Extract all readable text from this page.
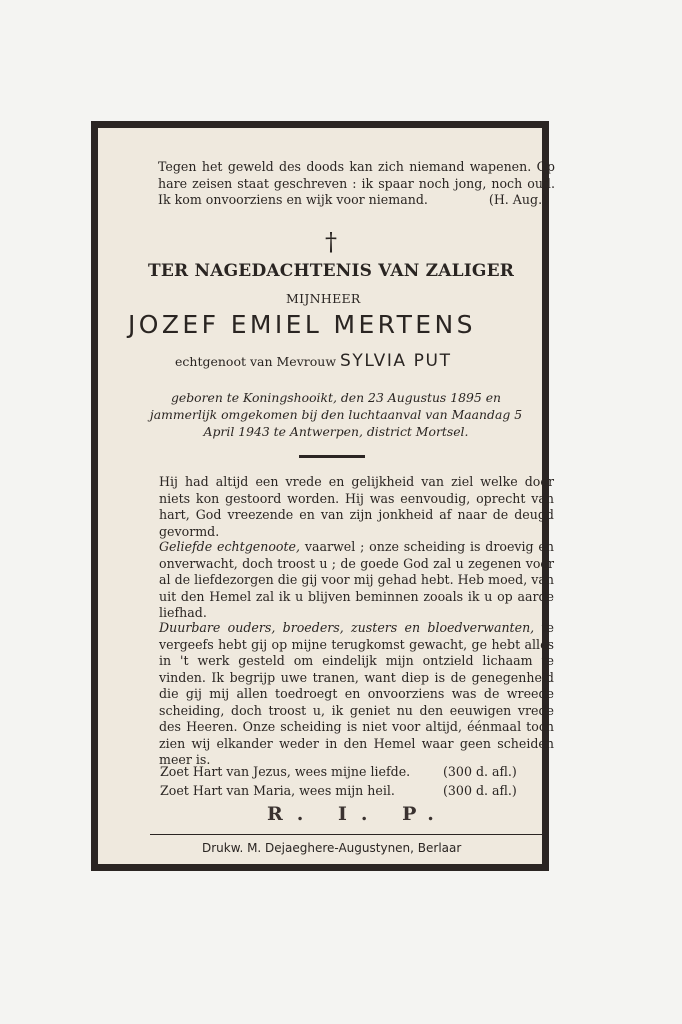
Tegen het geweld des doods kan zich niemand wapenen. Op hare zeisen staat geschreven : ik spaar noch jong, noch oud. Ik kom onvoorziens en wijk voor niemand.	(H. Aug.)
†
TER NAGEDACHTENIS VAN ZALIGER
MIJNHEER
JOZEF EMIEL MERTENS
echtgenoot van Mevrouw SYLVIA PUT
geboren te Koningshooikt, den 23 Augustus 1895 en jammerlijk omgekomen bij den luchtaanval van Maandag 5 April 1943 te Antwerpen, district Mortsel.
Hij had altijd een vrede en gelijkheid van ziel welke door niets kon gestoord worden. Hij was eenvoudig, oprecht van hart, God vreezende en van zijn jonkheid af naar de deugd gevormd.
Geliefde echtgenoote, vaarwel ; onze scheiding is droevig en onverwacht, doch troost u ; de goede God zal u zegenen voor al de liefdezorgen die gij voor mij gehad hebt. Heb moed, van uit den Hemel zal ik u blijven beminnen zooals ik u op aarde liefhad.
Duurbare ouders, broeders, zusters en bloedverwanten, te vergeefs hebt gij op mijne terugkomst gewacht, ge hebt alles in 't werk gesteld om eindelijk mijn ontzield lichaam te vinden. Ik begrijp uwe tranen, want diep is de genegenheid die gij mij allen toedroegt en onvoorziens was de wreede scheiding, doch troost u, ik geniet nu den eeuwigen vrede des Heeren. Onze scheiding is niet voor altijd, éénmaal toch zien wij elkander weder in den Hemel waar geen scheiden meer is.
Zoet Hart van Jezus, wees mijne liefde.	(300 d. afl.)
Zoet Hart van Maria, wees mijn heil.	(300 d. afl.)
R. I. P.
Drukw. M. Dejaeghere-Augustynen, Berlaar
